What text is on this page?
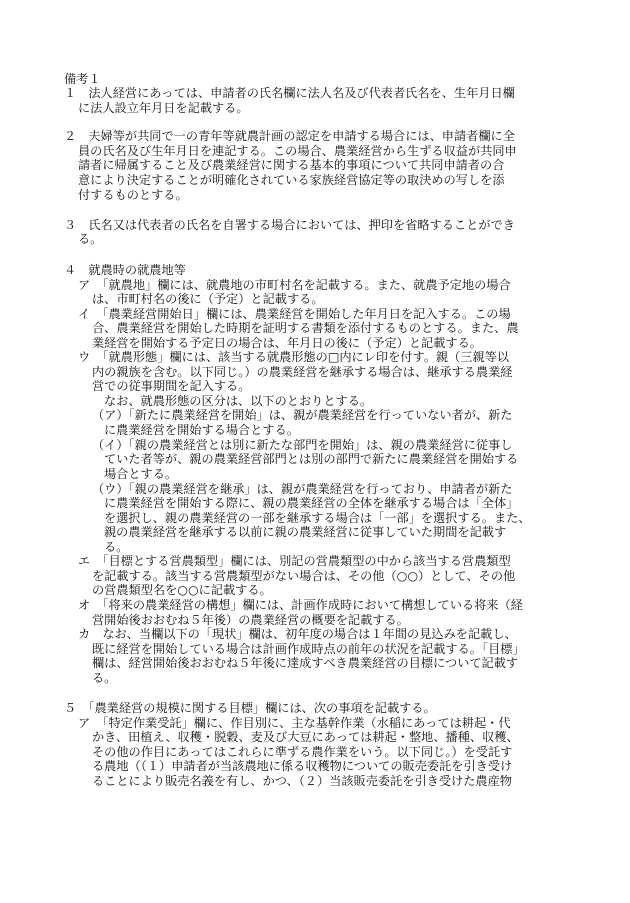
備考１
１　法人経営にあっては、申請者の氏名欄に法人名及び代表者氏名を、生年月日欄
に法人設立年月日を記載する。
２　夫婦等が共同で一の青年等就農計画の認定を申請する場合には、申請者欄に全
員の氏名及び生年月日を連記する。この場合、農業経営から生ずる収益が共同申
請者に帰属すること及び農業経営に関する基本的事項について共同申請者の合
意により決定することが明確化されている家族経営協定等の取決めの写しを添
付するものとする。
３　氏名又は代表者の氏名を自署する場合においては、押印を省略することができ
る。
４　就農時の就農地等
ア　「就農地」欄には、就農地の市町村名を記載する。また、就農予定地の場合
は、市町村名の後に（予定）と記載する。
イ　「農業経営開始日」欄には、農業経営を開始した年月日を記入する。この場
合、農業経営を開始した時期を証明する書類を添付するものとする。また、農
業経営を開始する予定日の場合は、年月日の後に（予定）と記載する。
ウ　「就農形態」欄には、該当する就農形態の□内にレ印を付す。親（三親等以
内の親族を含む。以下同じ。）の農業経営を継承する場合は、継承する農業経
営での従事期間を記入する。
なお、就農形態の区分は、以下のとおりとする。
（ア）「新たに農業経営を開始」は、親が農業経営を行っていない者が、新た
に農業経営を開始する場合とする。
（イ）「親の農業経営とは別に新たな部門を開始」は、親の農業経営に従事し
ていた者等が、親の農業経営部門とは別の部門で新たに農業経営を開始する
場合とする。
（ウ）「親の農業経営を継承」は、親が農業経営を行っており、申請者が新た
に農業経営を開始する際に、親の農業経営の全体を継承する場合は「全体」
を選択し、親の農業経営の一部を継承する場合は「一部」を選択する。また、
親の農業経営を継承する以前に親の農業経営に従事していた期間を記載す
る。
エ　「目標とする営農類型」欄には、別記の営農類型の中から該当する営農類型
を記載する。該当する営農類型がない場合は、その他（○○）として、その他
の営農類型名を○○に記載する。
オ　「将来の農業経営の構想」欄には、計画作成時において構想している将来（経
営開始後おおむね５年後）の農業経営の概要を記載する。
カ　なお、当欄以下の「現状」欄は、初年度の場合は１年間の見込みを記載し、
既に経営を開始している場合は計画作成時点の前年の状況を記載する。「目標」
欄は、経営開始後おおむね５年後に達成すべき農業経営の目標について記載す
る。
５　「農業経営の規模に関する目標」欄には、次の事項を記載する。
ア　「特定作業受託」欄に、作目別に、主な基幹作業（水稲にあっては耕起・代
かき、田植え、収穫・脱穀、麦及び大豆にあっては耕起・整地、播種、収穫、
その他の作目にあってはこれらに準ずる農作業をいう。以下同じ。）を受託す
る農地（（１）申請者が当該農地に係る収穫物についての販売委託を引き受け
ることにより販売名義を有し、かつ、（２）当該販売委託を引き受けた農産物
